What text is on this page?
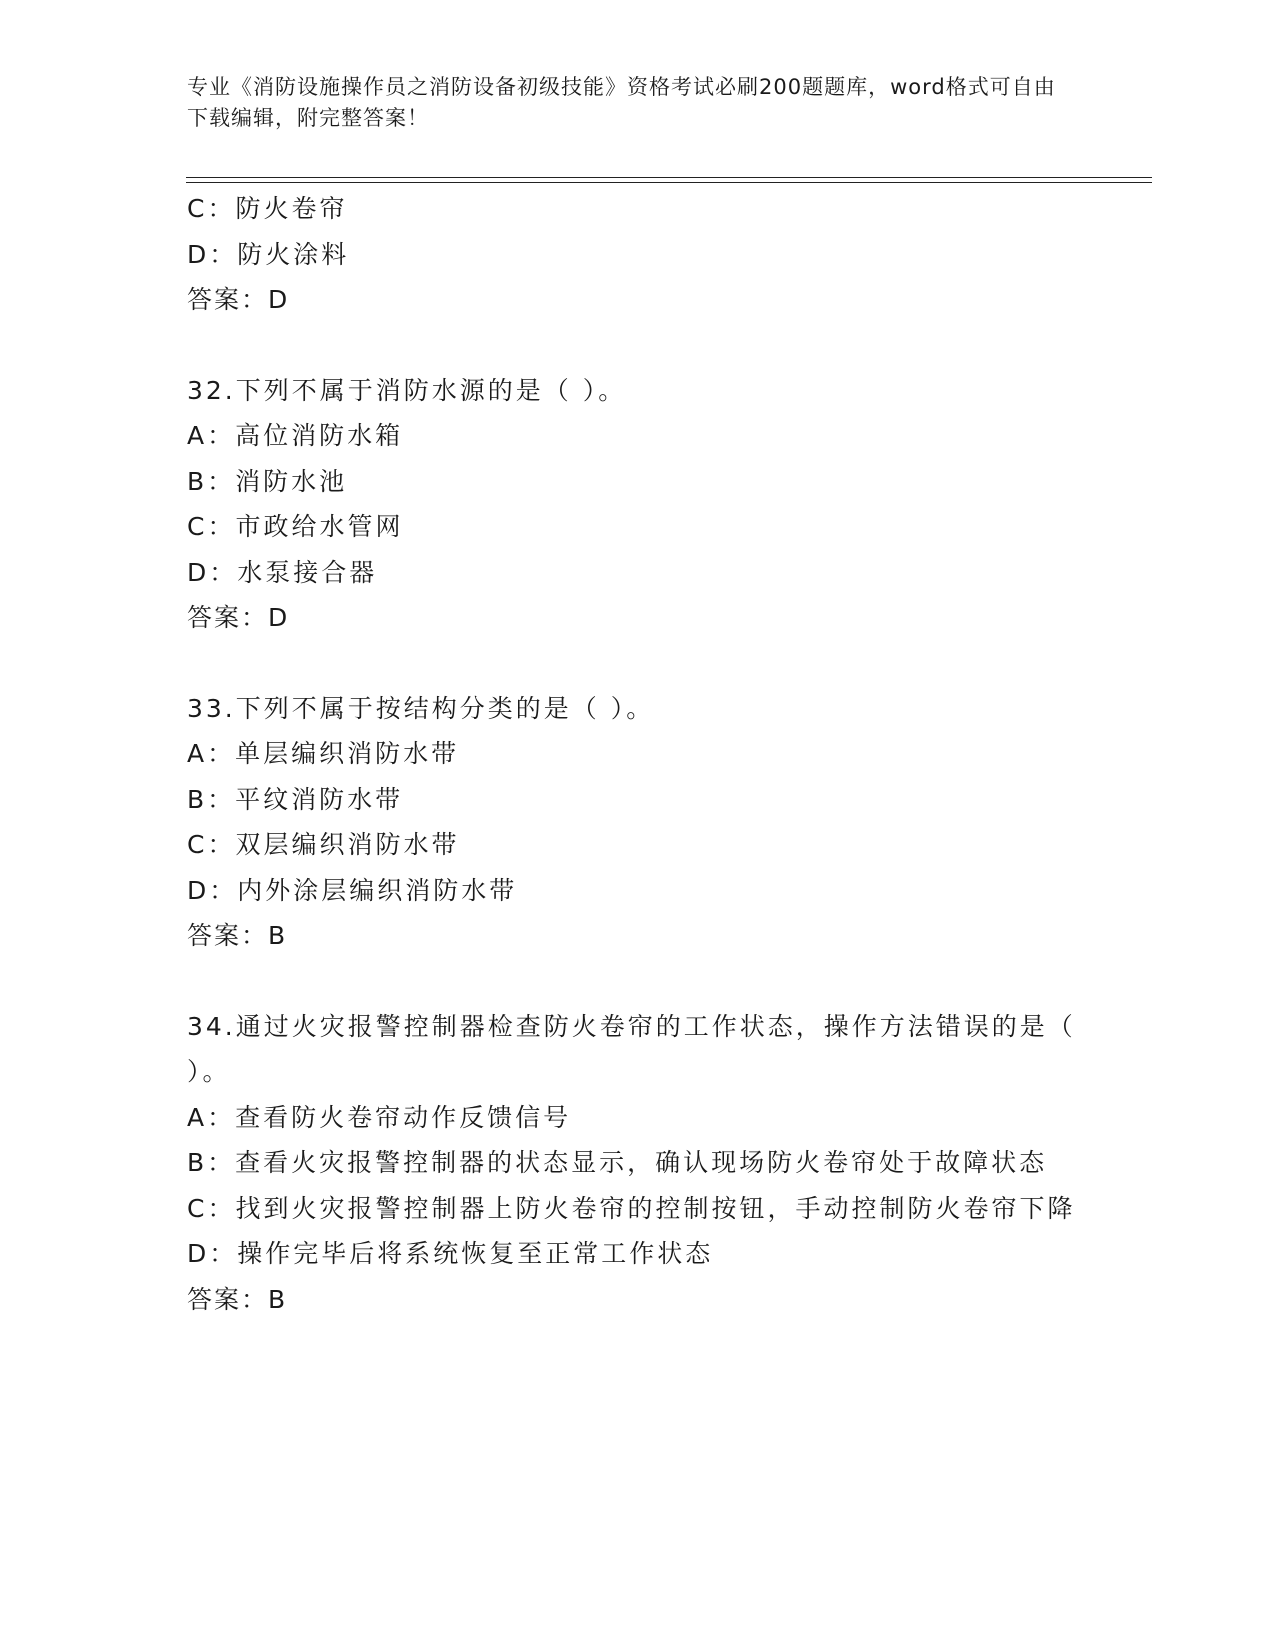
专业《消防设施操作员之消防设备初级技能》资格考试必刷200题题库，word格式可自由下载编辑，附完整答案！
C：防火卷帘
D：防火涂料
答案：D
32.下列不属于消防水源的是（ ）。
A：高位消防水箱
B：消防水池
C：市政给水管网
D：水泵接合器
答案：D
33.下列不属于按结构分类的是（ ）。
A：单层编织消防水带
B：平纹消防水带
C：双层编织消防水带
D：内外涂层编织消防水带
答案：B
34.通过火灾报警控制器检查防火卷帘的工作状态，操作方法错误的是（ ）。
A：查看防火卷帘动作反馈信号
B：查看火灾报警控制器的状态显示，确认现场防火卷帘处于故障状态
C：找到火灾报警控制器上防火卷帘的控制按钮，手动控制防火卷帘下降
D：操作完毕后将系统恢复至正常工作状态
答案：B
